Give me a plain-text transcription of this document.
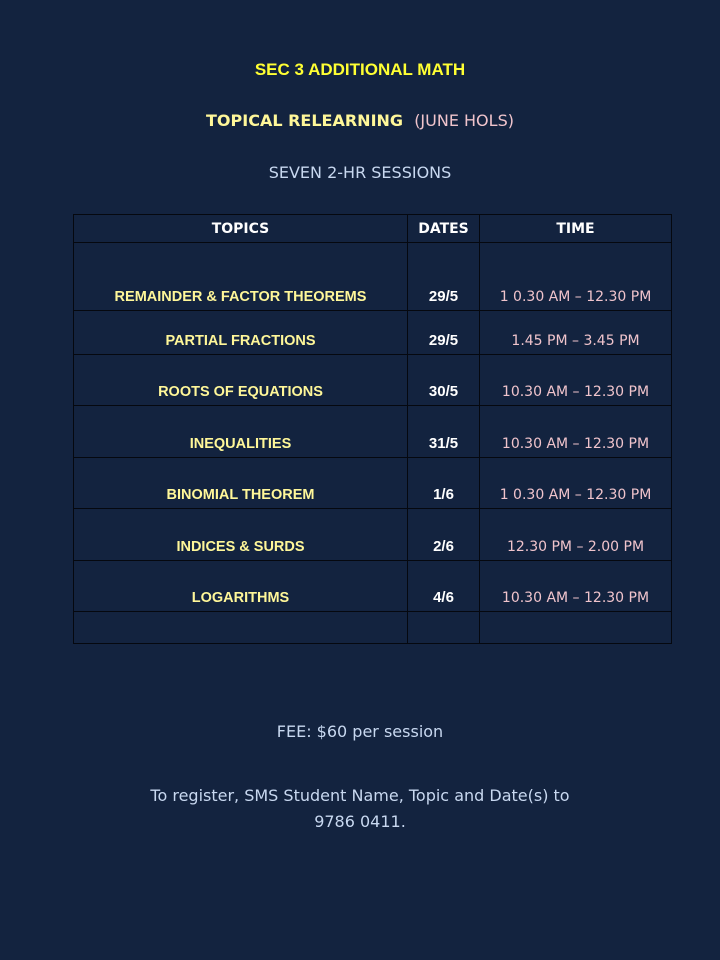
SEC 3 ADDITIONAL MATH
TOPICAL RELEARNING (JUNE HOLS)
SEVEN 2-HR SESSIONS
TOPICS	DATES	TIME
REMAINDER & FACTOR THEOREMS	29/5	1 0.30 AM – 12.30 PM
PARTIAL FRACTIONS	29/5	1.45 PM – 3.45 PM
ROOTS OF EQUATIONS	30/5	10.30 AM – 12.30 PM
INEQUALITIES	31/5	10.30 AM – 12.30 PM
BINOMIAL THEOREM	1/6	1 0.30 AM – 12.30 PM
INDICES & SURDS	2/6	12.30 PM – 2.00 PM
LOGARITHMS	4/6	10.30 AM – 12.30 PM

FEE: $60 per session
To register, SMS Student Name, Topic and Date(s) to
9786 0411.
